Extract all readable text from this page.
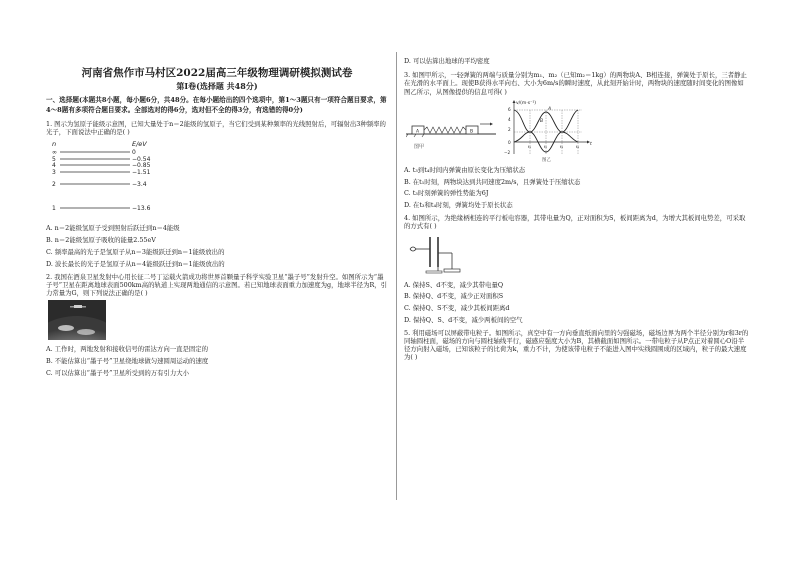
河南省焦作市马村区2022届高三年级物理调研模拟测试卷
第Ⅰ卷(选择题 共48分)
一、选择题(本题共8小题，每小题6分，共48分。在每小题给出的四个选项中，第1～3题只有一项符合题目要求，第4～8题有多项符合题目要求。全部选对的得6分，选对但不全的得3分，有选错的得0分)
1. 图示为氢原子能级示意图，已知大量处于n＝2能级的氢原子，当它们受到某种频率的光线照射后，可辐射出3种频率的光子，下面说法中正确的是( )
n	E/eV
∞	0
5	−0.54
4	−0.85
3	−1.51
2	−3.4
1	−13.6
A. n＝2能级氢原子受到照射后跃迁到n＝4能级
B. n＝2能级氢原子吸收的能量2.55eV
C. 频率最高的光子是氢原子从n＝3能级跃迁到n＝1能级放出的
D. 波长最长的光子是氢原子从n＝4能级跃迁到n＝1能级放出的
2. 我国在酒泉卫星发射中心用长征二号丁运载火箭成功将世界首颗量子科学实验卫星“墨子号”发射升空。如图所示为“墨子号”卫星在距离地球表面500km高的轨道上实现两地通信的示意图。若已知地球表面重力加速度为g，地球半径为R，引力常量为G，则下列说法正确的是( )
A. 工作时，两地发射和接收信号的雷达方向一直是固定的
B. 不能估算出“墨子号”卫星绕地球做匀速圆周运动的速度
C. 可以估算出“墨子号”卫星所受到的万有引力大小
D. 可以估算出地球的平均密度
3. 如图甲所示，一轻弹簧的两端与质量分别为m₁、m₂（已知m₂＝1kg）的两物块A、B相连接，弹簧处于原长，三者静止在光滑的水平面上。现使B获得水平向右、大小为6m/s的瞬时速度，从此刻开始计时，两物块的速度随时间变化的图像如图乙所示，从图像提供的信息可得( )
A	B
图甲
v/(m·s⁻¹)
t
6
4
2
0
−2
A
B
t₁	t₂	t₃	t₄
图乙
A. t₃到t₄时间内弹簧由原长变化为压缩状态
B. 在t₁时刻，两物块达到共同速度2m/s，且弹簧处于压缩状态
C. t₃时刻弹簧的弹性势能为6J
D. 在t₃和t₄时刻，弹簧均处于原长状态
4. 如图所示，为绝缘柄相连的平行板电容器，其带电量为Q，正对面积为S，板间距离为d，为增大其板间电势差，可采取的方式有( )
A. 保持S、d不变，减少其带电量Q
B. 保持Q、d不变，减少正对面积S
C. 保持Q、S不变，减少其板间距离d
D. 保持Q、S、d不变，减少两板间的空气
5. 利用磁场可以屏蔽带电粒子。如图所示，真空中有一方向垂直纸面向里的匀强磁场，磁场边界为两个半径分别为r和3r的同轴圆柱面，磁场的方向与圆柱轴线平行，磁感应强度大小为B，其横截面如图所示。一带电粒子从P点正对着圆心O沿半径方向射入磁场，已知该粒子的比荷为k，重力不计，为使该带电粒子不能进入图中实线圆围成的区域内，粒子的最大速度为( )
